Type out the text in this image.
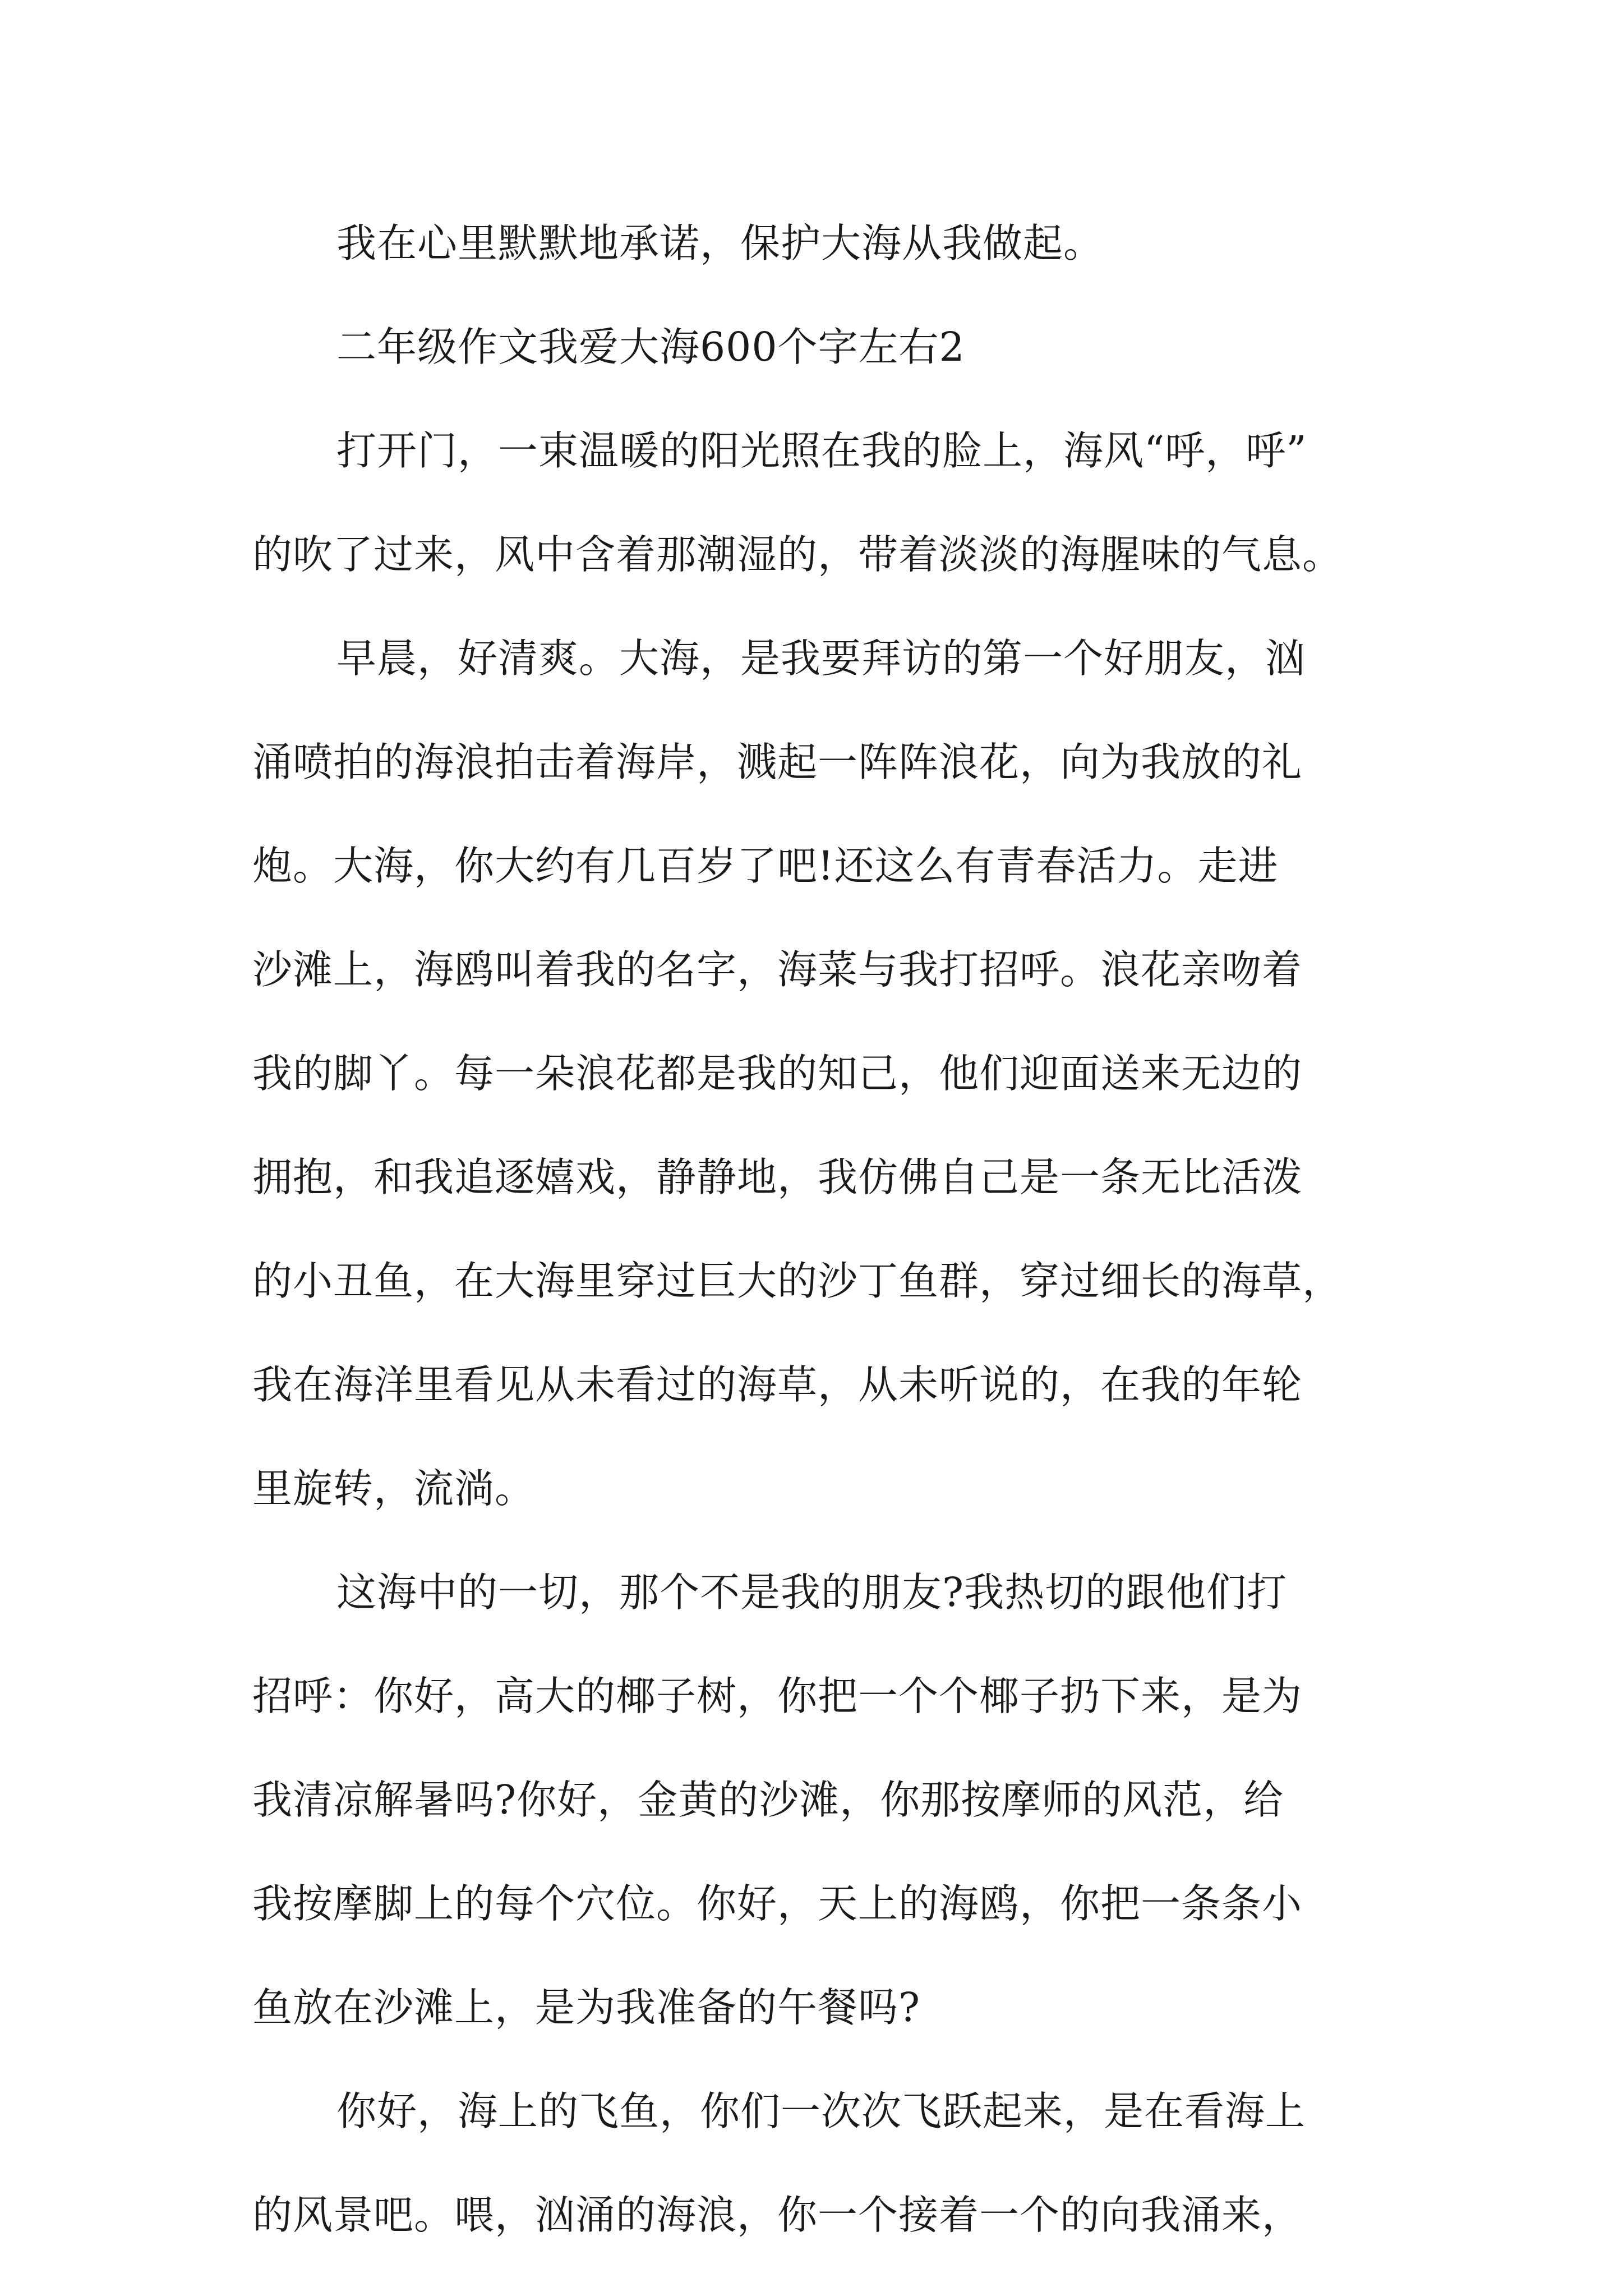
我在心里默默地承诺，保护大海从我做起。
二年级作文我爱大海600个字左右2
打开门，一束温暖的阳光照在我的脸上，海风“呼，呼”
的吹了过来，风中含着那潮湿的，带着淡淡的海腥味的气息。
早晨，好清爽。大海，是我要拜访的第一个好朋友，汹
涌喷拍的海浪拍击着海岸，溅起一阵阵浪花，向为我放的礼
炮。大海，你大约有几百岁了吧!还这么有青春活力。走进
沙滩上，海鸥叫着我的名字，海菜与我打招呼。浪花亲吻着
我的脚丫。每一朵浪花都是我的知己，他们迎面送来无边的
拥抱，和我追逐嬉戏，静静地，我仿佛自己是一条无比活泼
的小丑鱼，在大海里穿过巨大的沙丁鱼群，穿过细长的海草，
我在海洋里看见从未看过的海草，从未听说的，在我的年轮
里旋转，流淌。
这海中的一切，那个不是我的朋友?我热切的跟他们打
招呼：你好，高大的椰子树，你把一个个椰子扔下来，是为
我清凉解暑吗?你好，金黄的沙滩，你那按摩师的风范，给
我按摩脚上的每个穴位。你好，天上的海鸥，你把一条条小
鱼放在沙滩上，是为我准备的午餐吗?
你好，海上的飞鱼，你们一次次飞跃起来，是在看海上
的风景吧。喂，汹涌的海浪，你一个接着一个的向我涌来，
